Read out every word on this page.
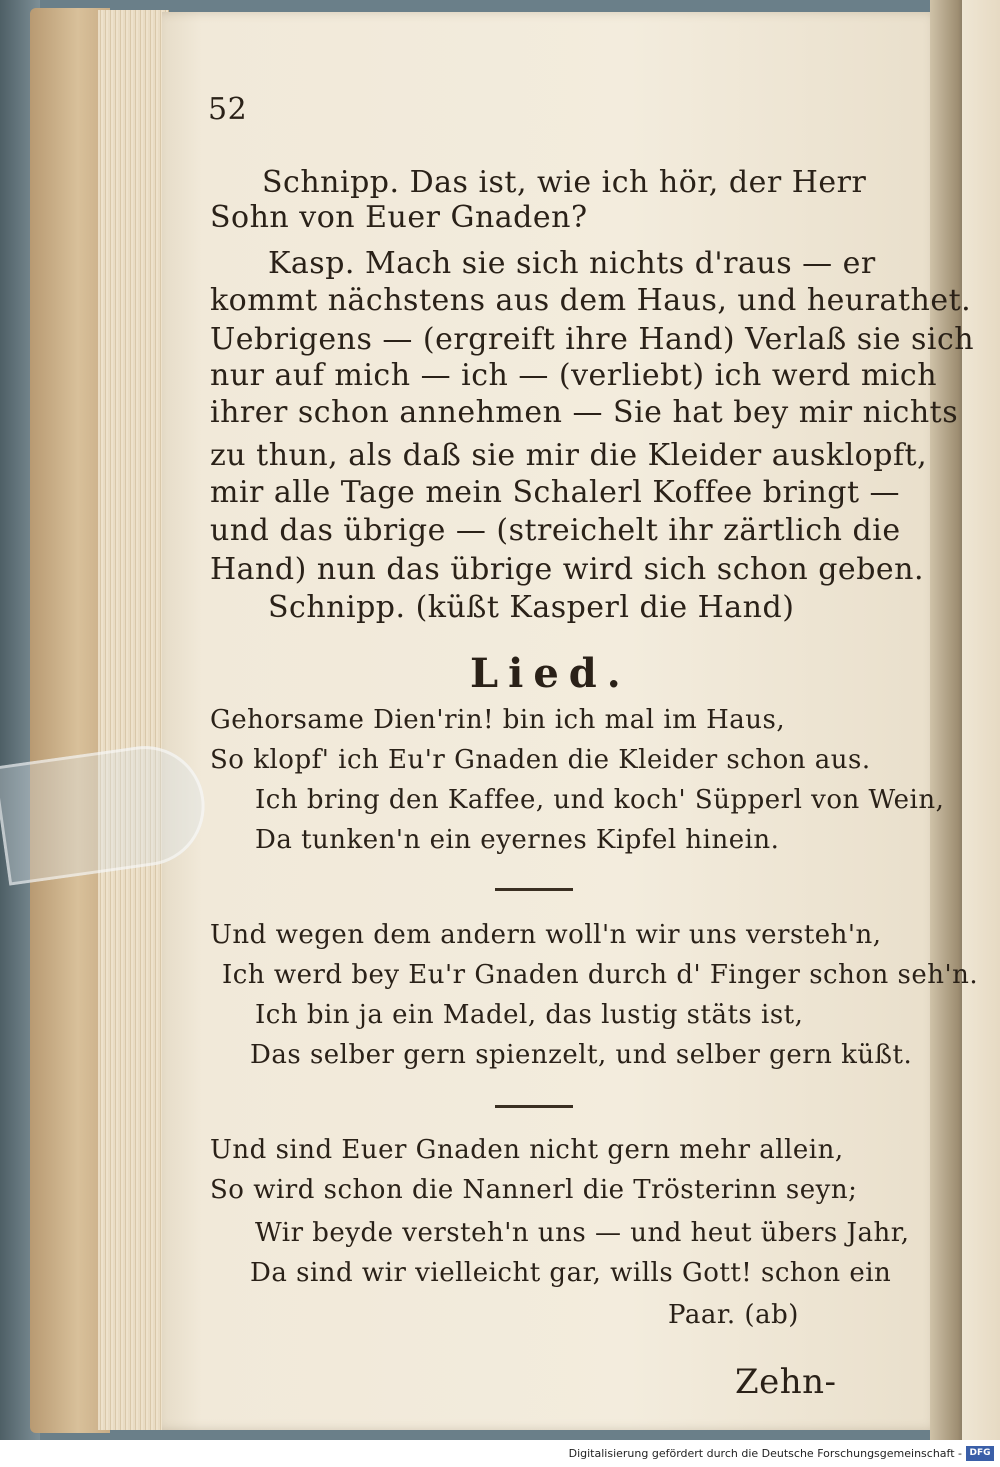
52
Schnipp. Das ist, wie ich hör, der Herr
Sohn von Euer Gnaden?
Kasp. Mach sie sich nichts d'raus — er
kommt nächstens aus dem Haus, und heurathet.
Uebrigens — (ergreift ihre Hand) Verlaß sie sich
nur auf mich — ich — (verliebt) ich werd mich
ihrer schon annehmen — Sie hat bey mir nichts
zu thun, als daß sie mir die Kleider ausklopft,
mir alle Tage mein Schalerl Koffee bringt —
und das übrige — (streichelt ihr zärtlich die
Hand) nun das übrige wird sich schon geben.
Schnipp. (küßt Kasperl die Hand)
Lied.
Gehorsame Dien'rin! bin ich mal im Haus,
So klopf' ich Eu'r Gnaden die Kleider schon aus.
Ich bring den Kaffee, und koch' Süpperl von Wein,
Da tunken'n ein eyernes Kipfel hinein.
Und wegen dem andern woll'n wir uns versteh'n,
Ich werd bey Eu'r Gnaden durch d' Finger schon seh'n.
Ich bin ja ein Madel, das lustig stäts ist,
Das selber gern spienzelt, und selber gern küßt.
Und sind Euer Gnaden nicht gern mehr allein,
So wird schon die Nannerl die Trösterinn seyn;
Wir beyde versteh'n uns — und heut übers Jahr,
Da sind wir vielleicht gar, wills Gott! schon ein
Paar. (ab)
Zehn-
Digitalisierung gefördert durch die Deutsche Forschungsgemeinschaft - DFG
